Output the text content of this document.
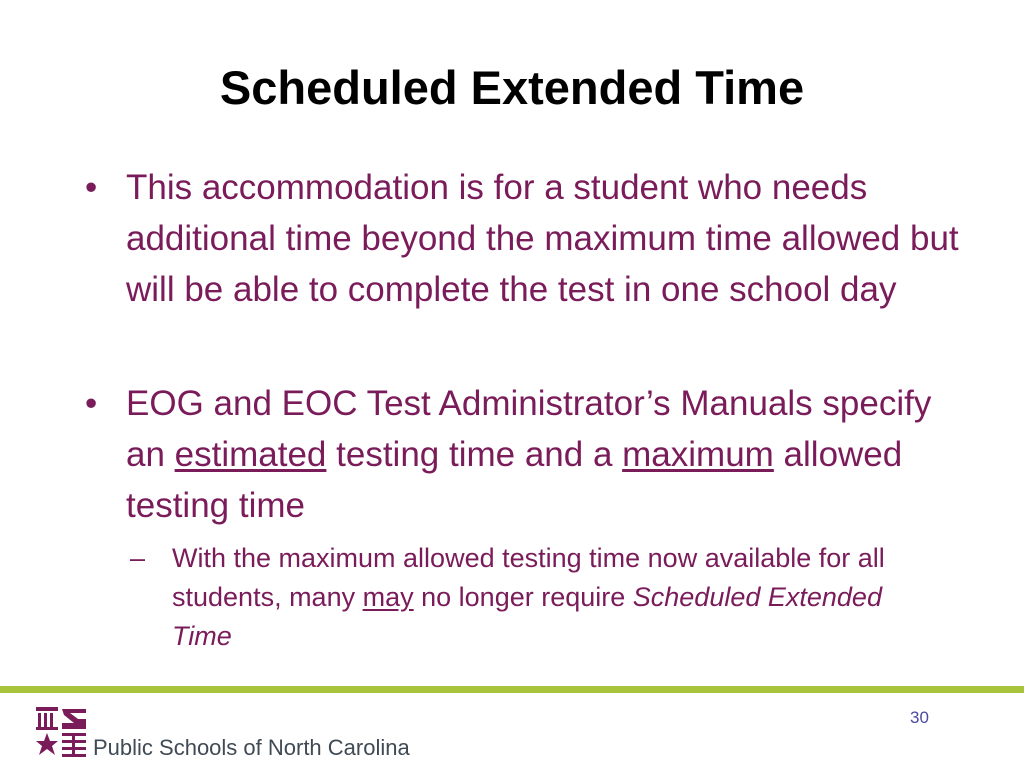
Scheduled Extended Time
• This accommodation is for a student who needs additional time beyond the maximum time allowed but will be able to complete the test in one school day
• EOG and EOC Test Administrator’s Manuals specify an estimated testing time and a maximum allowed testing time
– With the maximum allowed testing time now available for all students, many may no longer require Scheduled Extended Time
Public Schools of North Carolina
30
